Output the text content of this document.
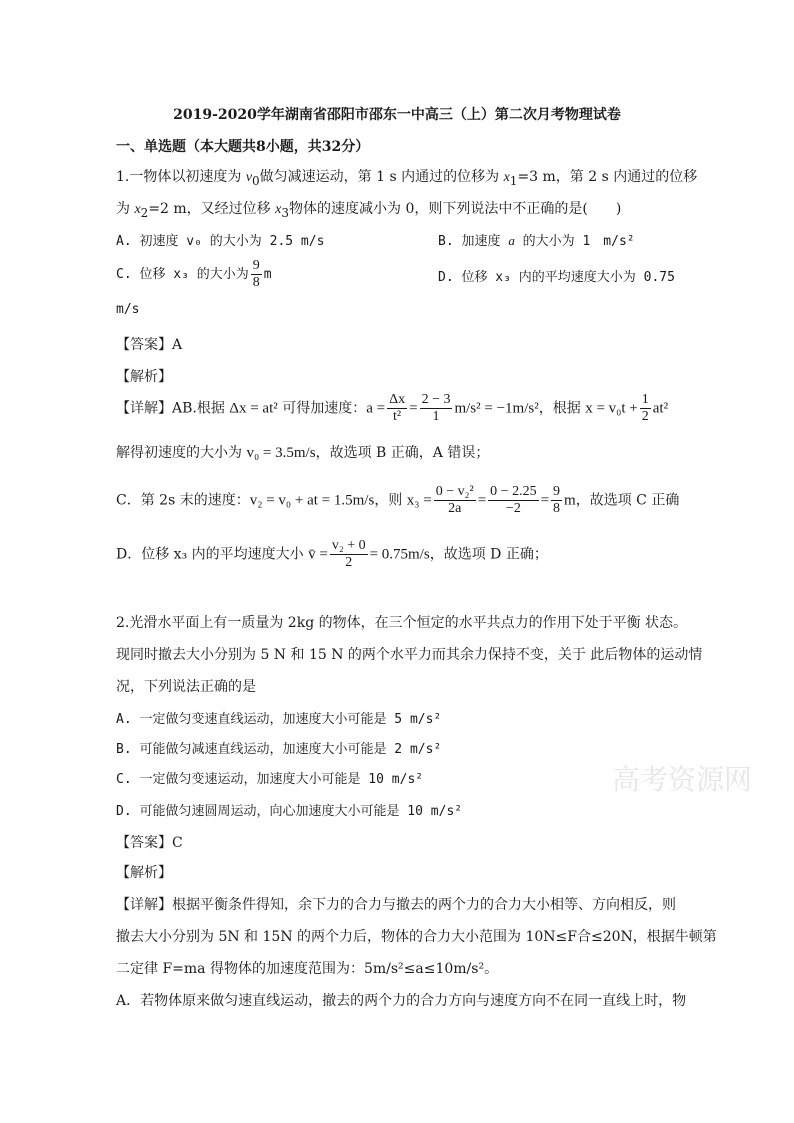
2019-2020学年湖南省邵阳市邵东一中高三（上）第二次月考物理试卷
一、单选题（本大题共8小题，共32分）
1.一物体以初速度为 $v_0$做匀减速运动，第 1 s 内通过的位移为 $x_1=3$ m，第 2 s 内通过的位移
为 $x_2=2$ m，又经过位移 $x_3$物体的速度减小为 0，则下列说法中不正确的是(　　)
A. 初速度 v₀ 的大小为 2.5 m/s	B. 加速度 a 的大小为 1　m/s²
C. 位移 x₃ 的大小为 $\frac{9}{8}$ m	D. 位移 x₃ 内的平均速度大小为 0.75
m/s
【答案】A
【解析】
【详解】AB.根据 Δx = at² 可得加速度：$a = \frac{\Delta x}{\text{t²}} = \frac{2 - 3}{1} m/s^2 = -1m/s^2$，根据 $x = v_0t + \frac{1}{2} at^2$
解得初速度的大小为 v₀ = 3.5m/s，故选项 B 正确，A 错误；
C．第 2s 末的速度：v₂ = v₀ + at = 1.5m/s，则 $x_3 = \frac{\text{0 − v₂²}}{2a} = \frac{0 - 2.25}{-2} = \frac{9}{8}$ m，故选项 C 正确
D．位移 x₃ 内的平均速度大小 v̄ = $\frac{\text{v₂ + 0}}{2} = 0.75m/s$，故选项 D 正确；
2.光滑水平面上有一质量为 2kg 的物体，在三个恒定的水平共点力的作用下处于平衡 状态。
现同时撤去大小分别为 5 N 和 15 N 的两个水平力而其余力保持不变，关于 此后物体的运动情
况，下列说法正确的是
A. 一定做匀变速直线运动，加速度大小可能是 5 m/s²
B. 可能做匀减速直线运动，加速度大小可能是 2 m/s²
C. 一定做匀变速运动，加速度大小可能是 10 m/s²
D. 可能做匀速圆周运动，向心加速度大小可能是 10 m/s²
【答案】C
【解析】
【详解】根据平衡条件得知，余下力的合力与撤去的两个力的合力大小相等、方向相反，则
撤去大小分别为 5N 和 15N 的两个力后，物体的合力大小范围为 10N≤F合≤20N，根据牛顿第
二定律 F=ma 得物体的加速度范围为：5m/s²≤a≤10m/s²。
A．若物体原来做匀速直线运动，撤去的两个力的合力方向与速度方向不在同一直线上时，物
高考资源网
